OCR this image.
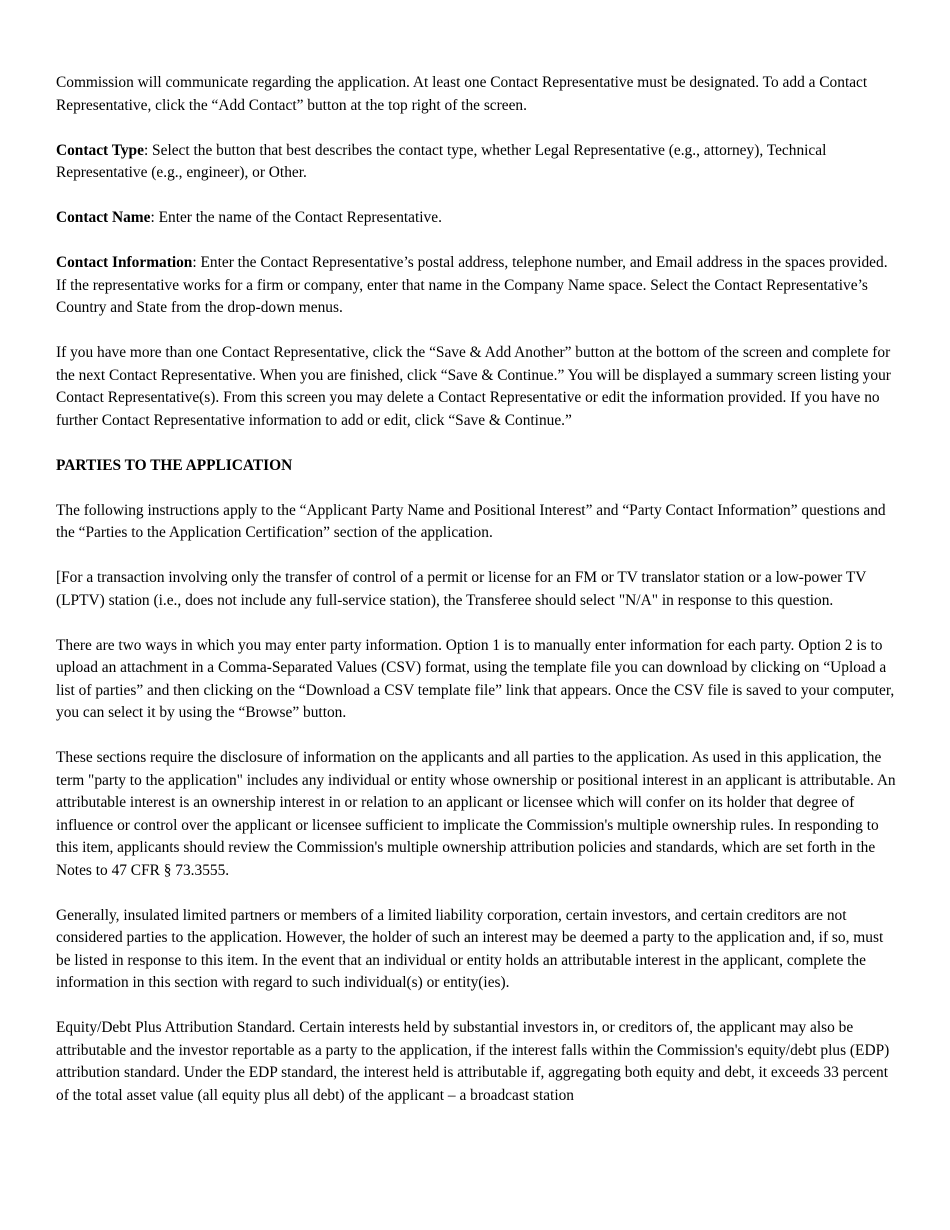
Commission will communicate regarding the application. At least one Contact Representative must be designated. To add a Contact Representative, click the “Add Contact” button at the top right of the screen.

Contact Type: Select the button that best describes the contact type, whether Legal Representative (e.g., attorney), Technical Representative (e.g., engineer), or Other.

Contact Name: Enter the name of the Contact Representative.

Contact Information: Enter the Contact Representative’s postal address, telephone number, and Email address in the spaces provided. If the representative works for a firm or company, enter that name in the Company Name space. Select the Contact Representative’s Country and State from the drop-down menus.

If you have more than one Contact Representative, click the “Save & Add Another” button at the bottom of the screen and complete for the next Contact Representative. When you are finished, click “Save & Continue.” You will be displayed a summary screen listing your Contact Representative(s). From this screen you may delete a Contact Representative or edit the information provided. If you have no further Contact Representative information to add or edit, click “Save & Continue.”

PARTIES TO THE APPLICATION

The following instructions apply to the “Applicant Party Name and Positional Interest” and “Party Contact Information” questions and the “Parties to the Application Certification” section of the application.

[For a transaction involving only the transfer of control of a permit or license for an FM or TV translator station or a low-power TV (LPTV) station (i.e., does not include any full-service station), the Transferee should select "N/A" in response to this question.

There are two ways in which you may enter party information. Option 1 is to manually enter information for each party. Option 2 is to upload an attachment in a Comma-Separated Values (CSV) format, using the template file you can download by clicking on “Upload a list of parties” and then clicking on the “Download a CSV template file” link that appears. Once the CSV file is saved to your computer, you can select it by using the “Browse” button.

These sections require the disclosure of information on the applicants and all parties to the application. As used in this application, the term "party to the application" includes any individual or entity whose ownership or positional interest in an applicant is attributable. An attributable interest is an ownership interest in or relation to an applicant or licensee which will confer on its holder that degree of influence or control over the applicant or licensee sufficient to implicate the Commission's multiple ownership rules. In responding to this item, applicants should review the Commission's multiple ownership attribution policies and standards, which are set forth in the Notes to 47 CFR § 73.3555.

Generally, insulated limited partners or members of a limited liability corporation, certain investors, and certain creditors are not considered parties to the application. However, the holder of such an interest may be deemed a party to the application and, if so, must be listed in response to this item. In the event that an individual or entity holds an attributable interest in the applicant, complete the information in this section with regard to such individual(s) or entity(ies).

Equity/Debt Plus Attribution Standard. Certain interests held by substantial investors in, or creditors of, the applicant may also be attributable and the investor reportable as a party to the application, if the interest falls within the Commission's equity/debt plus (EDP) attribution standard. Under the EDP standard, the interest held is attributable if, aggregating both equity and debt, it exceeds 33 percent of the total asset value (all equity plus all debt) of the applicant – a broadcast station
